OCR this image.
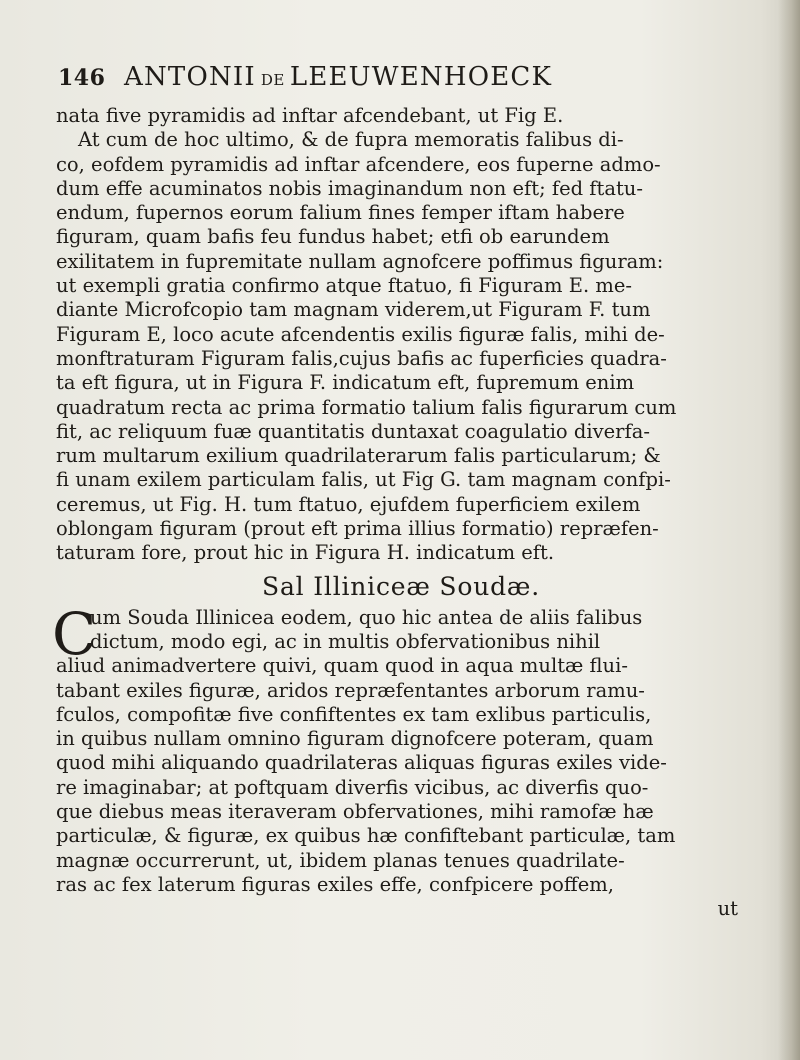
146 ANTONII DE LEEUWENHOECK
nata five pyramidis ad inftar afcendebant, ut Fig E.
At cum de hoc ultimo, & de fupra memoratis falibus di-
co, eofdem pyramidis ad inftar afcendere, eos fuperne admo-
dum effe acuminatos nobis imaginandum non eft; fed ftatu-
endum, fupernos eorum falium fines femper iftam habere
figuram, quam bafis feu fundus habet; etfi ob earundem
exilitatem in fupremitate nullam agnofcere poffimus figuram:
ut exempli gratia confirmo atque ftatuo, fi Figuram E. me-
diante Microfcopio tam magnam viderem,ut Figuram F. tum
Figuram E, loco acute afcendentis exilis figuræ falis, mihi de-
monftraturam Figuram falis,cujus bafis ac fuperficies quadra-
ta eft figura, ut in Figura F. indicatum eft, fupremum enim
quadratum recta ac prima formatio talium falis figurarum cum
fit, ac reliquum fuæ quantitatis duntaxat coagulatio diverfa-
rum multarum exilium quadrilaterarum falis particularum; &
fi unam exilem particulam falis, ut Fig G. tam magnam confpi-
ceremus, ut Fig. H. tum ftatuo, ejufdem fuperficiem exilem
oblongam figuram (prout eft prima illius formatio) repræfen-
taturam fore, prout hic in Figura H. indicatum eft.
Sal Illiniceæ Soudæ.
C
um Souda Illinicea eodem, quo hic antea de aliis falibus
dictum, modo egi, ac in multis obfervationibus nihil
aliud animadvertere quivi, quam quod in aqua multæ flui-
tabant exiles figuræ, aridos repræfentantes arborum ramu-
fculos, compofitæ five confiftentes ex tam exlibus particulis,
in quibus nullam omnino figuram dignofcere poteram, quam
quod mihi aliquando quadrilateras aliquas figuras exiles vide-
re imaginabar; at poftquam diverfis vicibus, ac diverfis quo-
que diebus meas iteraveram obfervationes, mihi ramofæ hæ
particulæ, & figuræ, ex quibus hæ confiftebant particulæ, tam
magnæ occurrerunt, ut, ibidem planas tenues quadrilate-
ras ac fex laterum figuras exiles effe, confpicere poffem,
ut
